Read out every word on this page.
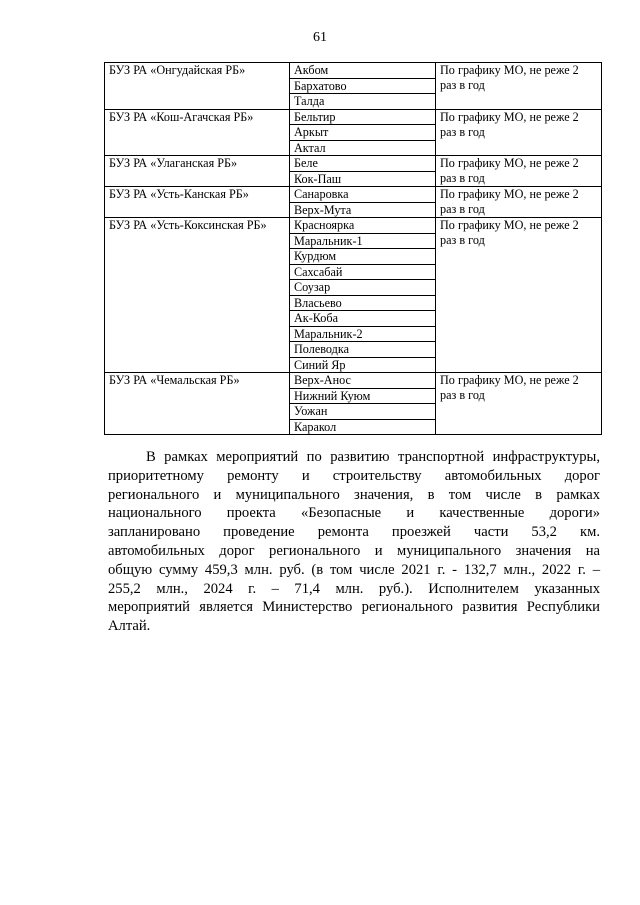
61
БУЗ РА «Онгудайская РБ»	Акбом	По графику МО, не реже 2 раз в год
	Бархатово	
	Талда	
БУЗ РА «Кош-Агачская РБ»	Бельтир	По графику МО, не реже 2 раз в год
	Аркыт	
	Актал	
БУЗ РА «Улаганская РБ»	Беле	По графику МО, не реже 2 раз в год
	Кок-Паш	
БУЗ РА «Усть-Канская РБ»	Санаровка	По графику МО, не реже 2 раз в год
	Верх-Мута	
БУЗ РА «Усть-Коксинская РБ»	Красноярка	По графику МО, не реже 2 раз в год
	Маральник-1	
	Курдюм	
	Сахсабай	
	Соузар	
	Власьево	
	Ак-Коба	
	Маральник-2	
	Полеводка	
	Синий Яр	
БУЗ РА «Чемальская РБ»	Верх-Анос	По графику МО, не реже 2 раз в год
	Нижний Куюм	
	Уожан	
	Каракол	
В рамках мероприятий по развитию транспортной инфраструктуры,
приоритетному ремонту и строительству автомобильных дорог
регионального и муниципального значения, в том числе в рамках
национального проекта «Безопасные и качественные дороги»
запланировано проведение ремонта проезжей части 53,2 км.
автомобильных дорог регионального и муниципального значения на
общую сумму 459,3 млн. руб. (в том числе 2021 г. - 132,7 млн., 2022 г. –
255,2 млн., 2024 г. – 71,4 млн. руб.). Исполнителем указанных
мероприятий является Министерство регионального развития Республики
Алтай.
